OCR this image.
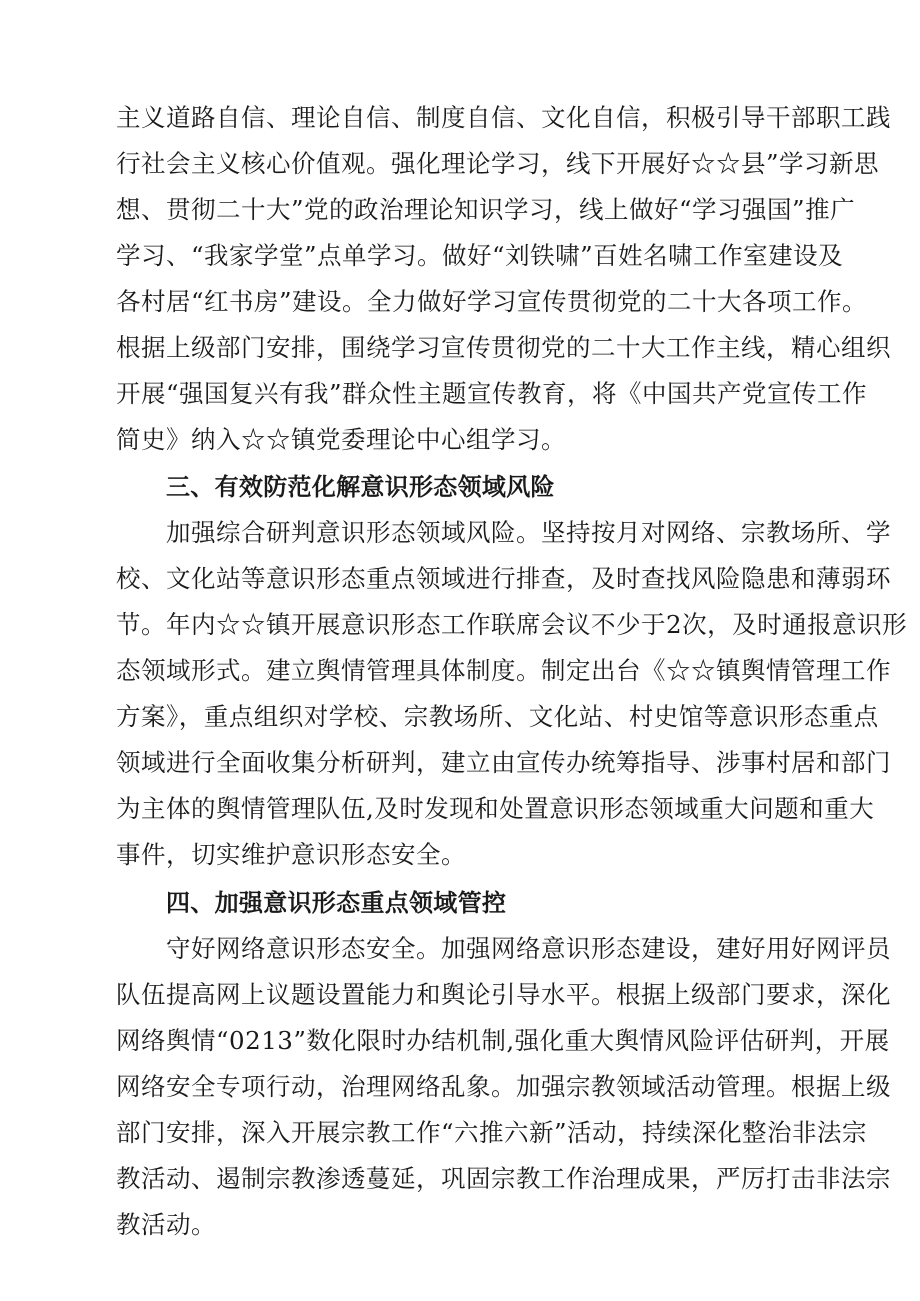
主义道路自信、理论自信、制度自信、文化自信，积极引导干部职工践
行社会主义核心价值观。强化理论学习，线下开展好☆☆县”学习新思
想、贯彻二十大”党的政治理论知识学习，线上做好“学习强国”推广
学习、“我家学堂”点单学习。做好“刘铁啸”百姓名啸工作室建设及
各村居“红书房”建设。全力做好学习宣传贯彻党的二十大各项工作。
根据上级部门安排，围绕学习宣传贯彻党的二十大工作主线，精心组织
开展“强国复兴有我”群众性主题宣传教育，将《中国共产党宣传工作
简史》纳入☆☆镇党委理论中心组学习。
三、有效防范化解意识形态领域风险
加强综合研判意识形态领域风险。坚持按月对网络、宗教场所、学
校、文化站等意识形态重点领域进行排查，及时查找风险隐患和薄弱环
节。年内☆☆镇开展意识形态工作联席会议不少于2次，及时通报意识形
态领域形式。建立舆情管理具体制度。制定出台《☆☆镇舆情管理工作
方案》，重点组织对学校、宗教场所、文化站、村史馆等意识形态重点
领域进行全面收集分析研判，建立由宣传办统筹指导、涉事村居和部门
为主体的舆情管理队伍,及时发现和处置意识形态领域重大问题和重大
事件，切实维护意识形态安全。
四、加强意识形态重点领域管控
守好网络意识形态安全。加强网络意识形态建设，建好用好网评员
队伍提高网上议题设置能力和舆论引导水平。根据上级部门要求，深化
网络舆情“0213”数化限时办结机制,强化重大舆情风险评估研判，开展
网络安全专项行动，治理网络乱象。加强宗教领域活动管理。根据上级
部门安排，深入开展宗教工作“六推六新”活动，持续深化整治非法宗
教活动、遏制宗教渗透蔓延，巩固宗教工作治理成果，严厉打击非法宗
教活动。
